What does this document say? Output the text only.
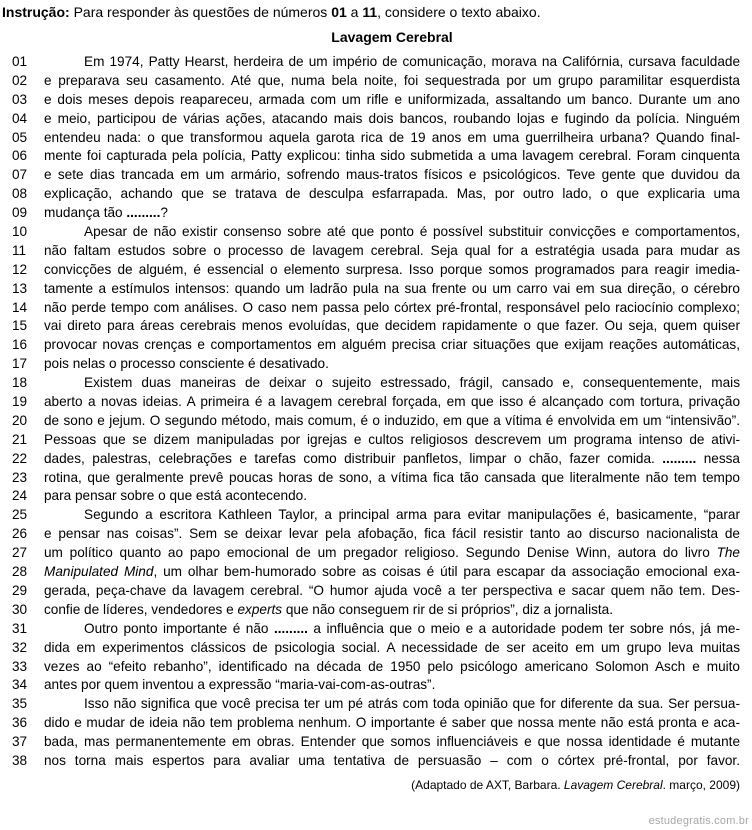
Instrução: Para responder às questões de números 01 a 11, considere o texto abaixo.
Lavagem Cerebral
01	Em 1974, Patty Hearst, herdeira de um império de comunicação, morava na Califórnia, cursava faculdade
02 e preparava seu casamento. Até que, numa bela noite, foi sequestrada por um grupo paramilitar esquerdista
03 e dois meses depois reapareceu, armada com um rifle e uniformizada, assaltando um banco. Durante um ano
04 e meio, participou de várias ações, atacando mais dois bancos, roubando lojas e fugindo da polícia. Ninguém
05 entendeu nada: o que transformou aquela garota rica de 19 anos em uma guerrilheira urbana? Quando final-
06 mente foi capturada pela polícia, Patty explicou: tinha sido submetida a uma lavagem cerebral. Foram cinquenta
07 e sete dias trancada em um armário, sofrendo maus-tratos físicos e psicológicos. Teve gente que duvidou da
08 explicação, achando que se tratava de desculpa esfarrapada. Mas, por outro lado, o que explicaria uma
09 mudança tão .........?
10	Apesar de não existir consenso sobre até que ponto é possível substituir convicções e comportamentos,
11 não faltam estudos sobre o processo de lavagem cerebral. Seja qual for a estratégia usada para mudar as
12 convicções de alguém, é essencial o elemento surpresa. Isso porque somos programados para reagir imedia-
13 tamente a estímulos intensos: quando um ladrão pula na sua frente ou um carro vai em sua direção, o cérebro
14 não perde tempo com análises. O caso nem passa pelo córtex pré-frontal, responsável pelo raciocínio complexo;
15 vai direto para áreas cerebrais menos evoluídas, que decidem rapidamente o que fazer. Ou seja, quem quiser
16 provocar novas crenças e comportamentos em alguém precisa criar situações que exijam reações automáticas,
17 pois nelas o processo consciente é desativado.
18	Existem duas maneiras de deixar o sujeito estressado, frágil, cansado e, consequentemente, mais
19 aberto a novas ideias. A primeira é a lavagem cerebral forçada, em que isso é alcançado com tortura, privação
20 de sono e jejum. O segundo método, mais comum, é o induzido, em que a vítima é envolvida em um “intensivão”.
21 Pessoas que se dizem manipuladas por igrejas e cultos religiosos descrevem um programa intenso de ativi-
22 dades, palestras, celebrações e tarefas como distribuir panfletos, limpar o chão, fazer comida. ......... nessa
23 rotina, que geralmente prevê poucas horas de sono, a vítima fica tão cansada que literalmente não tem tempo
24 para pensar sobre o que está acontecendo.
25	Segundo a escritora Kathleen Taylor, a principal arma para evitar manipulações é, basicamente, “parar
26 e pensar nas coisas”. Sem se deixar levar pela afobação, fica fácil resistir tanto ao discurso nacionalista de
27 um político quanto ao papo emocional de um pregador religioso. Segundo Denise Winn, autora do livro The
28 Manipulated Mind, um olhar bem-humorado sobre as coisas é útil para escapar da associação emocional exa-
29 gerada, peça-chave da lavagem cerebral. “O humor ajuda você a ter perspectiva e sacar quem não tem. Des-
30 confie de líderes, vendedores e experts que não conseguem rir de si próprios”, diz a jornalista.
31	Outro ponto importante é não ......... a influência que o meio e a autoridade podem ter sobre nós, já me-
32 dida em experimentos clássicos de psicologia social. A necessidade de ser aceito em um grupo leva muitas
33 vezes ao “efeito rebanho”, identificado na década de 1950 pelo psicólogo americano Solomon Asch e muito
34 antes por quem inventou a expressão “maria-vai-com-as-outras”.
35	Isso não significa que você precisa ter um pé atrás com toda opinião que for diferente da sua. Ser persua-
36 dido e mudar de ideia não tem problema nenhum. O importante é saber que nossa mente não está pronta e aca-
37 bada, mas permanentemente em obras. Entender que somos influenciáveis e que nossa identidade é mutante
38 nos torna mais espertos para avaliar uma tentativa de persuasão – com o córtex pré-frontal, por favor.
(Adaptado de AXT, Barbara. Lavagem Cerebral. março, 2009)
estudegratis.com.br
